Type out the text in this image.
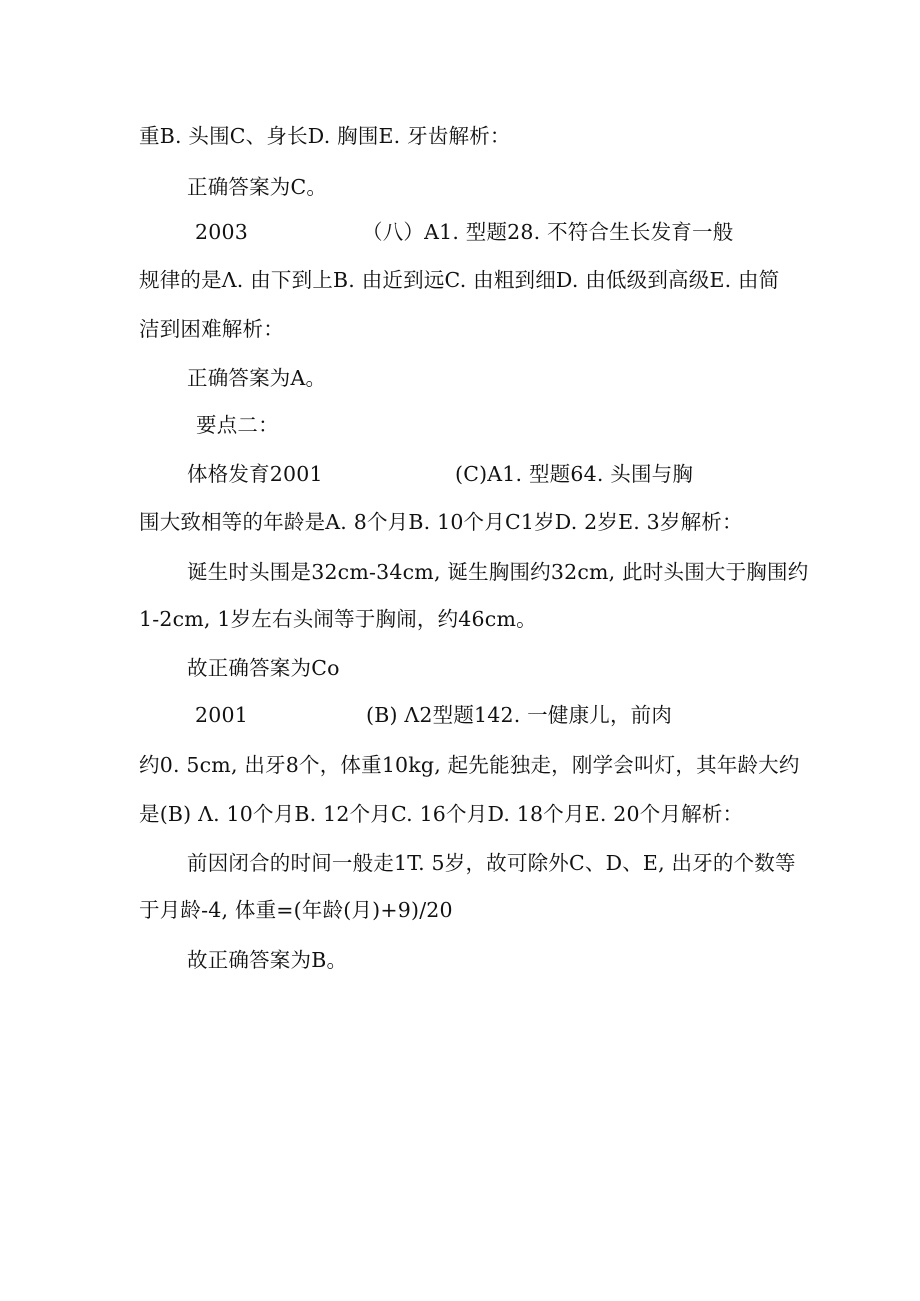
重B. 头围C、身长D. 胸围E. 牙齿解析：
正确答案为C。
2003	（八）A1. 型题28. 不符合生长发育一般
规律的是Λ. 由下到上B. 由近到远C. 由粗到细D. 由低级到高级E. 由简
洁到困难解析：
正确答案为A。
要点二：
体格发育2001	(C)A1. 型题64. 头围与胸
围大致相等的年龄是A. 8个月B. 10个月C1岁D. 2岁E. 3岁解析：
诞生时头围是32cm-34cm, 诞生胸围约32cm, 此时头围大于胸围约
1-2cm, 1岁左右头闹等于胸闹，约46cm。
故正确答案为Co
2001	(B) Λ2型题142. 一健康儿，前肉
约0. 5cm, 出牙8个，体重10kg, 起先能独走，刚学会叫灯，其年龄大约
是(B) Λ. 10个月B. 12个月C. 16个月D. 18个月E. 20个月解析：
前因闭合的时间一般走1T. 5岁，故可除外C、D、E, 出牙的个数等
于月龄-4, 体重=(年龄(月)+9)/20
故正确答案为B。
